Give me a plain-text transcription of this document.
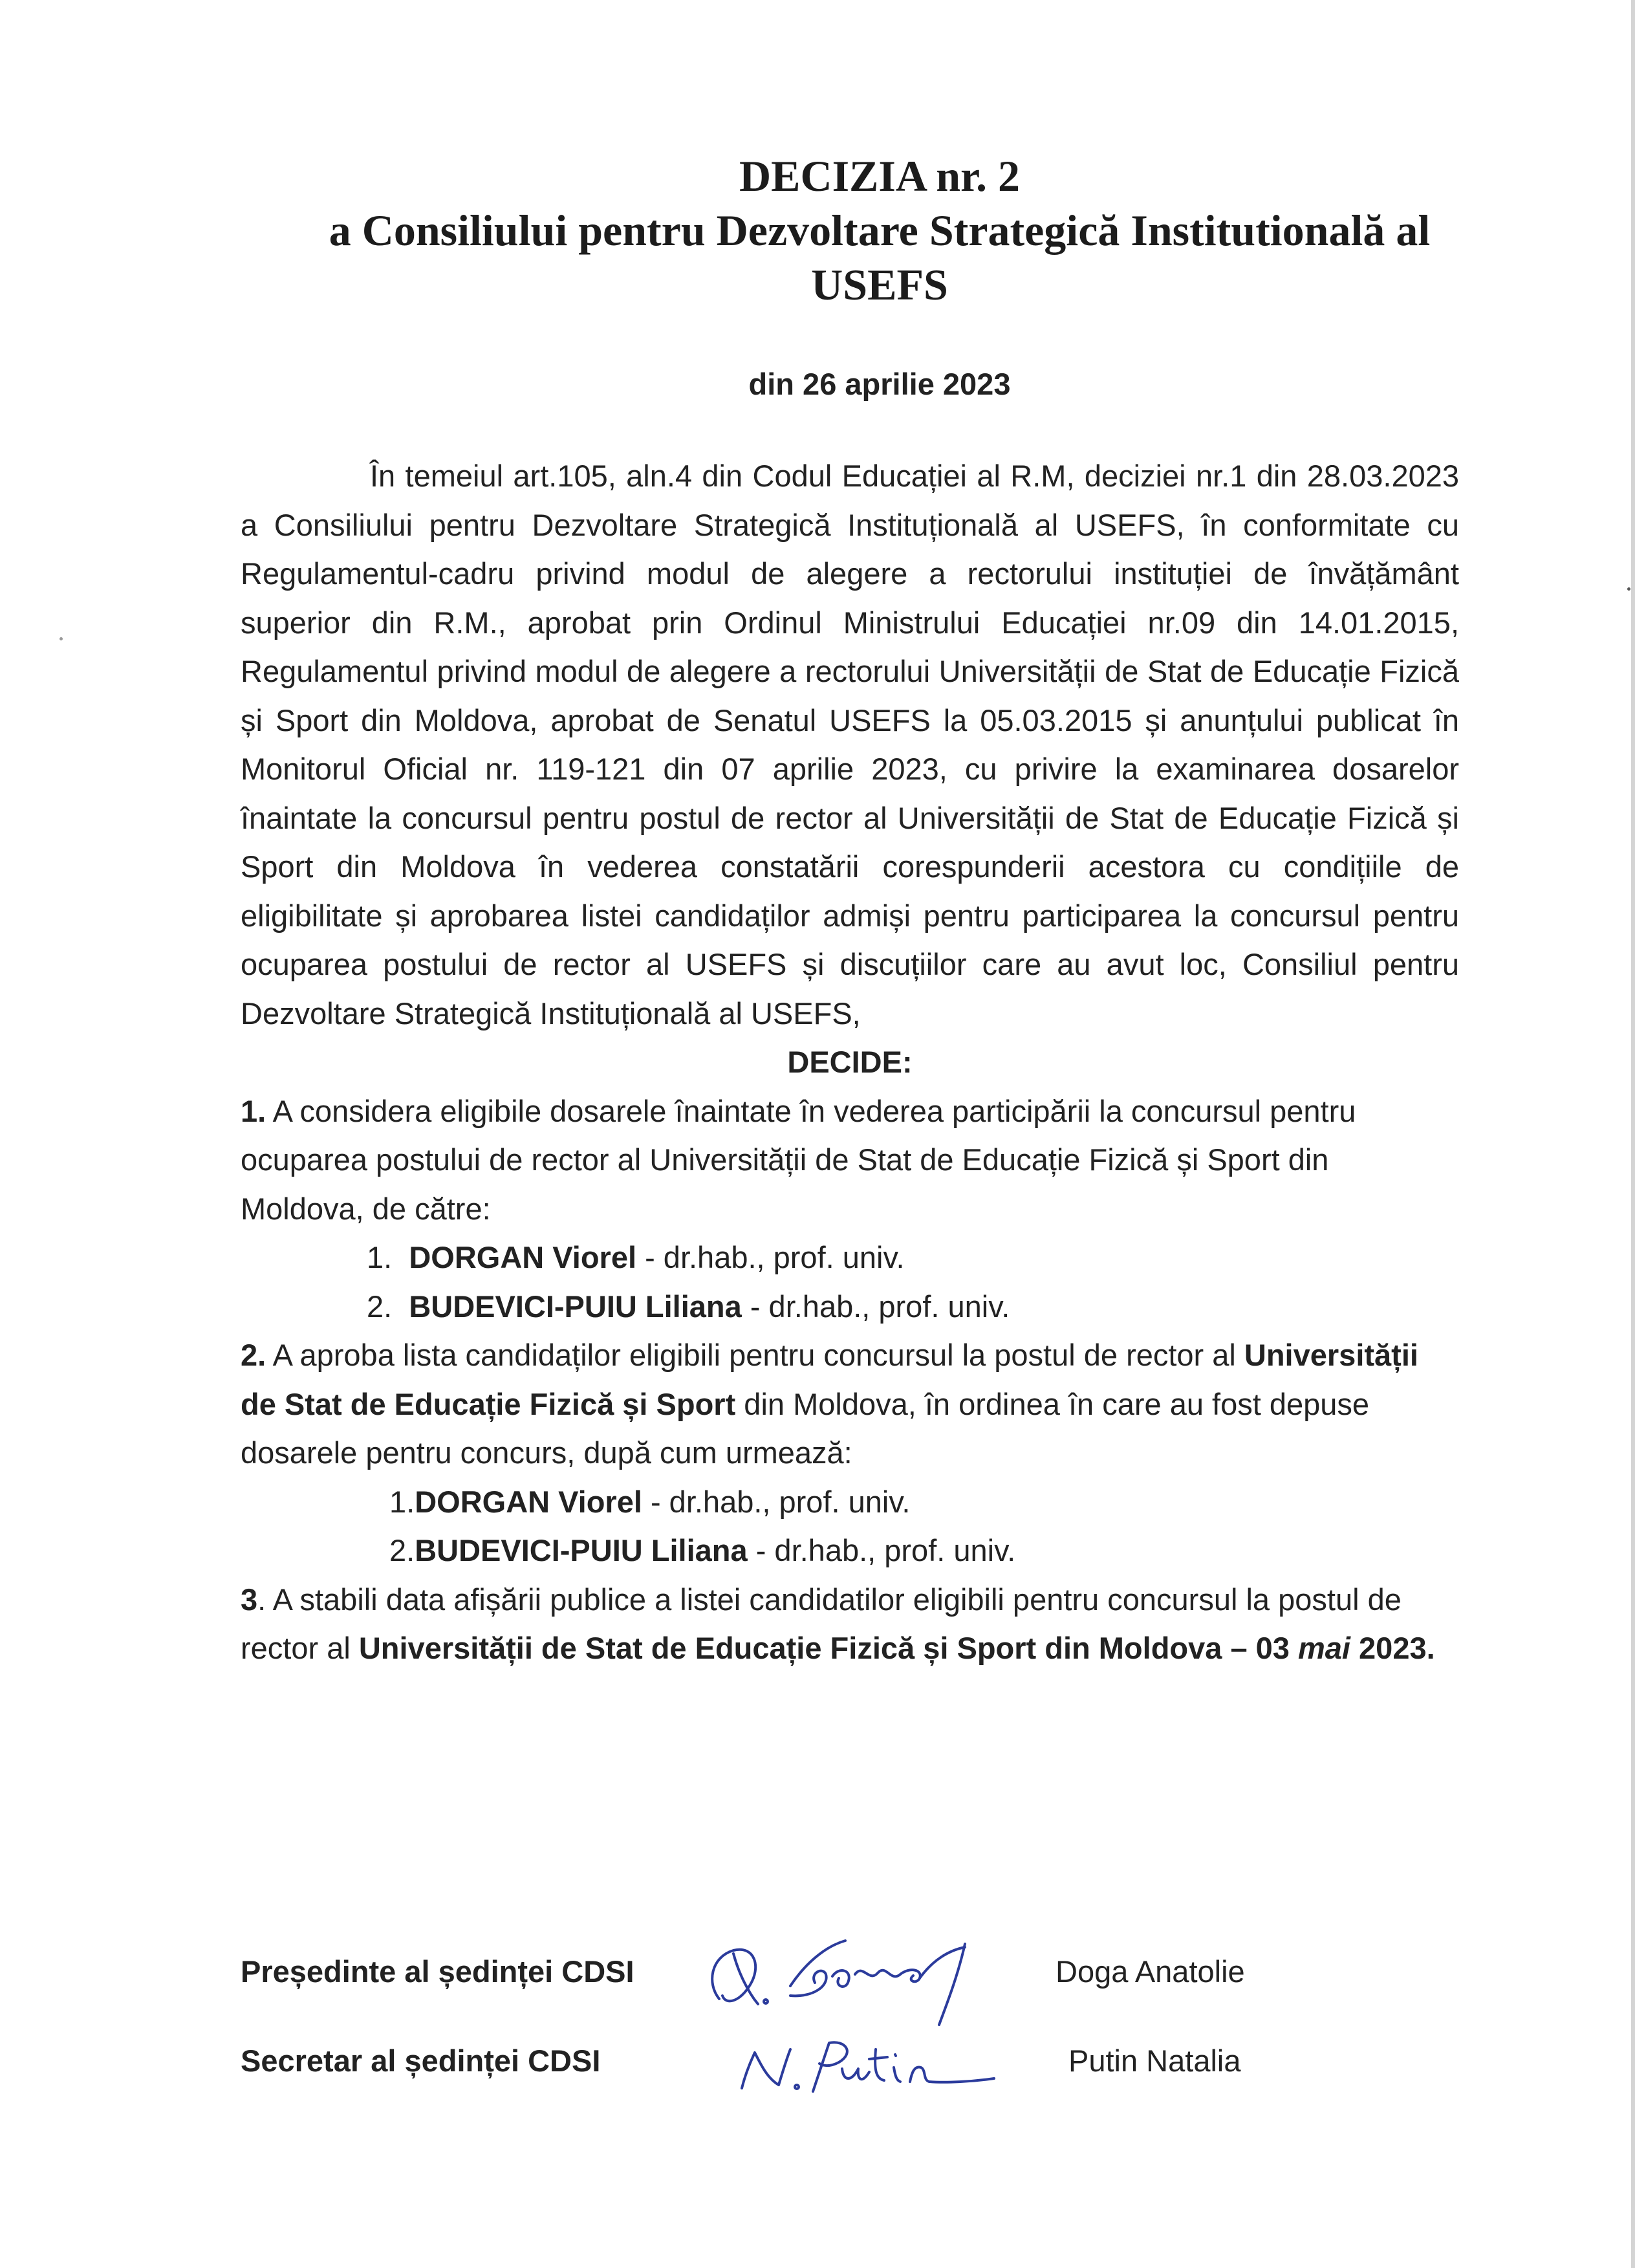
DECIZIA nr. 2

a Consiliului pentru Dezvoltare Strategică Institutională al

USEFS

din 26 aprilie 2023

În temeiul art.105, aln.4 din Codul Educației al R.M, deciziei nr.1 din 28.03.2023 a Consiliului pentru Dezvoltare Strategică Instituțională al USEFS, în conformitate cu Regulamentul-cadru privind modul de alegere a rectorului instituției de învățământ superior din R.M., aprobat prin Ordinul Ministrului Educației nr.09 din 14.01.2015, Regulamentul privind modul de alegere a rectorului Universității de Stat de Educație Fizică și Sport din Moldova, aprobat de Senatul USEFS la 05.03.2015 și anunțului publicat în Monitorul Oficial nr. 119-121 din 07 aprilie 2023, cu privire la examinarea dosarelor înaintate la concursul pentru postul de rector al Universității de Stat de Educație Fizică și Sport din Moldova în vederea constatării corespunderii acestora cu condițiile de eligibilitate și aprobarea listei candidaților admiși pentru participarea la concursul pentru ocuparea postului de rector al USEFS și discuțiilor care au avut loc, Consiliul pentru Dezvoltare Strategică Instituțională al USEFS,

DECIDE:

1. A considera eligibile dosarele înaintate în vederea participării la concursul pentru ocuparea postului de rector al Universității de Stat de Educație Fizică și Sport din Moldova, de către:

1. DORGAN Viorel - dr.hab., prof. univ.

2. BUDEVICI-PUIU Liliana - dr.hab., prof. univ.

2. A aproba lista candidaților eligibili pentru concursul la postul de rector al Universității de Stat de Educație Fizică și Sport din Moldova, în ordinea în care au fost depuse dosarele pentru concurs, după cum urmează:

1.DORGAN Viorel - dr.hab., prof. univ.

2.BUDEVICI-PUIU Liliana - dr.hab., prof. univ.

3. A stabili data afișării publice a listei candidatilor eligibili pentru concursul la postul de rector al Universității de Stat de Educație Fizică și Sport din Moldova – 03 mai 2023.

Președinte al ședinței CDSI	Doga Anatolie
Secretar al ședinței CDSI	Putin Natalia
